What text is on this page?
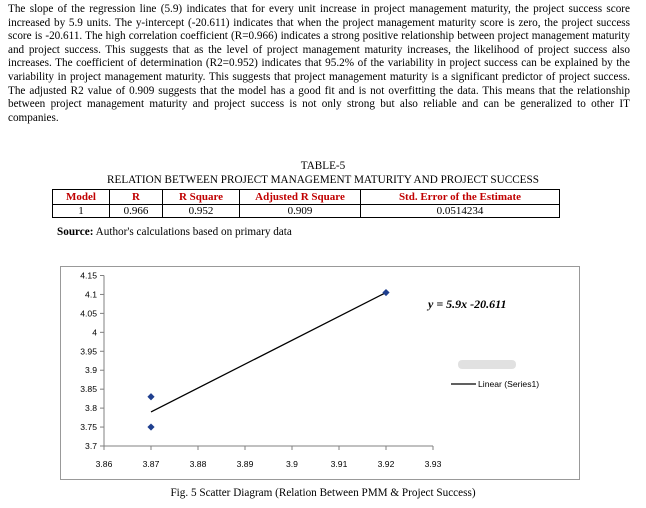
The slope of the regression line (5.9) indicates that for every unit increase in project management maturity, the project success score increased by 5.9 units. The y-intercept (-20.611) indicates that when the project management maturity score is zero, the project success score is -20.611. The high correlation coefficient (R=0.966) indicates a strong positive relationship between project management maturity and project success. This suggests that as the level of project management maturity increases, the likelihood of project success also increases. The coefficient of determination (R2=0.952) indicates that 95.2% of the variability in project success can be explained by the variability in project management maturity. This suggests that project management maturity is a significant predictor of project success. The adjusted R2 value of 0.909 suggests that the model has a good fit and is not overfitting the data. This means that the relationship between project management maturity and project success is not only strong but also reliable and can be generalized to other IT companies.

TABLE-5

RELATION BETWEEN PROJECT MANAGEMENT MATURITY AND PROJECT SUCCESS

Model	R	R Square	Adjusted R Square	Std. Error of the Estimate
1	0.966	0.952	0.909	0.0514234

Source: Author's calculations based on primary data

3.7
3.75
3.8
3.85
3.9
3.95
4
4.05
4.1
4.15
3.86	3.87	3.88	3.89	3.9	3.91	3.92	3.93
y = 5.9x -20.611
Linear (Series1)

Fig. 5 Scatter Diagram (Relation Between PMM & Project Success)
